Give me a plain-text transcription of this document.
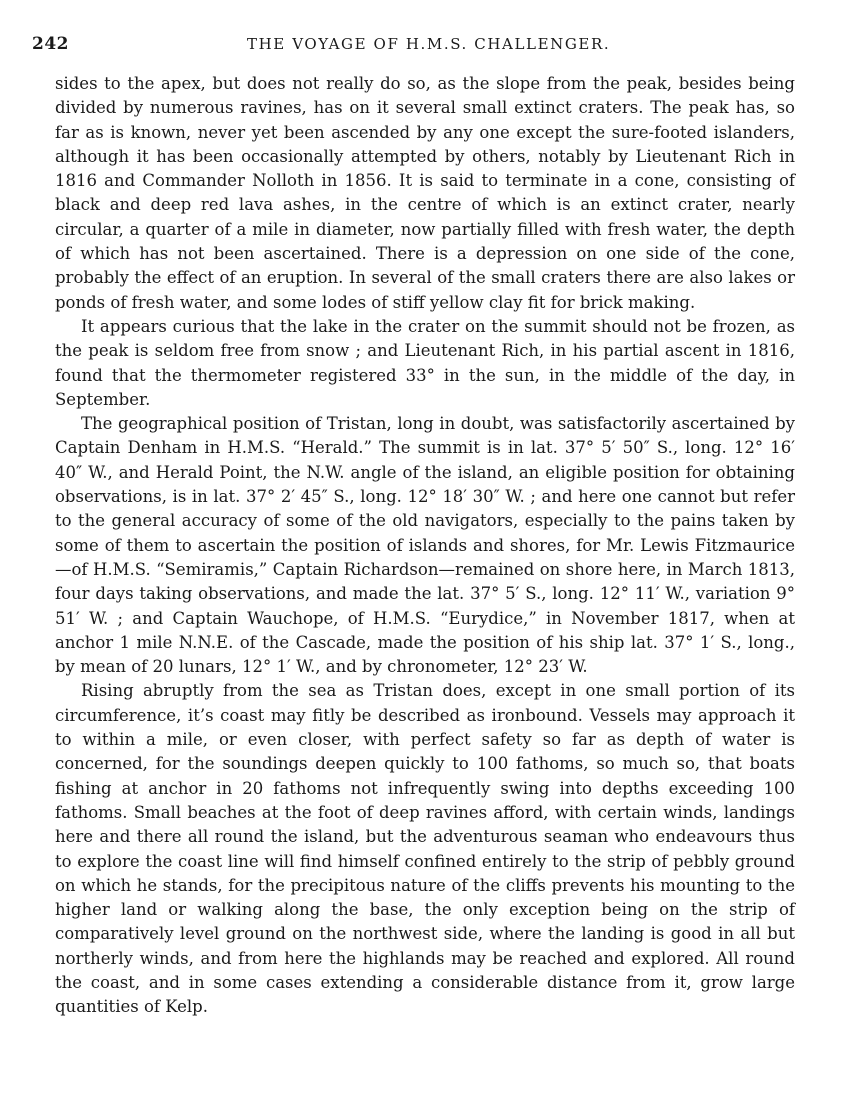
242	THE VOYAGE OF H.M.S. CHALLENGER.

sides to the apex, but does not really do so, as the slope from the peak, besides being divided by numerous ravines, has on it several small extinct craters. The peak has, so far as is known, never yet been ascended by any one except the sure-footed islanders, although it has been occasionally attempted by others, notably by Lieutenant Rich in 1816 and Commander Nolloth in 1856. It is said to terminate in a cone, consisting of black and deep red lava ashes, in the centre of which is an extinct crater, nearly circular, a quarter of a mile in diameter, now partially filled with fresh water, the depth of which has not been ascertained. There is a depression on one side of the cone, probably the effect of an eruption. In several of the small craters there are also lakes or ponds of fresh water, and some lodes of stiff yellow clay fit for brick making.

It appears curious that the lake in the crater on the summit should not be frozen, as the peak is seldom free from snow ; and Lieutenant Rich, in his partial ascent in 1816, found that the thermometer registered 33° in the sun, in the middle of the day, in September.

The geographical position of Tristan, long in doubt, was satisfactorily ascertained by Captain Denham in H.M.S. “Herald.” The summit is in lat. 37° 5′ 50″ S., long. 12° 16′ 40″ W., and Herald Point, the N.W. angle of the island, an eligible position for obtaining observations, is in lat. 37° 2′ 45″ S., long. 12° 18′ 30″ W. ; and here one cannot but refer to the general accuracy of some of the old navigators, especially to the pains taken by some of them to ascertain the position of islands and shores, for Mr. Lewis Fitzmaurice—of H.M.S. “Semiramis,” Captain Richardson—remained on shore here, in March 1813, four days taking observations, and made the lat. 37° 5′ S., long. 12° 11′ W., variation 9° 51′ W. ; and Captain Wauchope, of H.M.S. “Eurydice,” in November 1817, when at anchor 1 mile N.N.E. of the Cascade, made the position of his ship lat. 37° 1′ S., long., by mean of 20 lunars, 12° 1′ W., and by chronometer, 12° 23′ W.

Rising abruptly from the sea as Tristan does, except in one small portion of its circumference, it’s coast may fitly be described as ironbound. Vessels may approach it to within a mile, or even closer, with perfect safety so far as depth of water is concerned, for the soundings deepen quickly to 100 fathoms, so much so, that boats fishing at anchor in 20 fathoms not infrequently swing into depths exceeding 100 fathoms. Small beaches at the foot of deep ravines afford, with certain winds, landings here and there all round the island, but the adventurous seaman who endeavours thus to explore the coast line will find himself confined entirely to the strip of pebbly ground on which he stands, for the precipitous nature of the cliffs prevents his mounting to the higher land or walking along the base, the only exception being on the strip of comparatively level ground on the northwest side, where the landing is good in all but northerly winds, and from here the highlands may be reached and explored. All round the coast, and in some cases extending a considerable distance from it, grow large quantities of Kelp.
